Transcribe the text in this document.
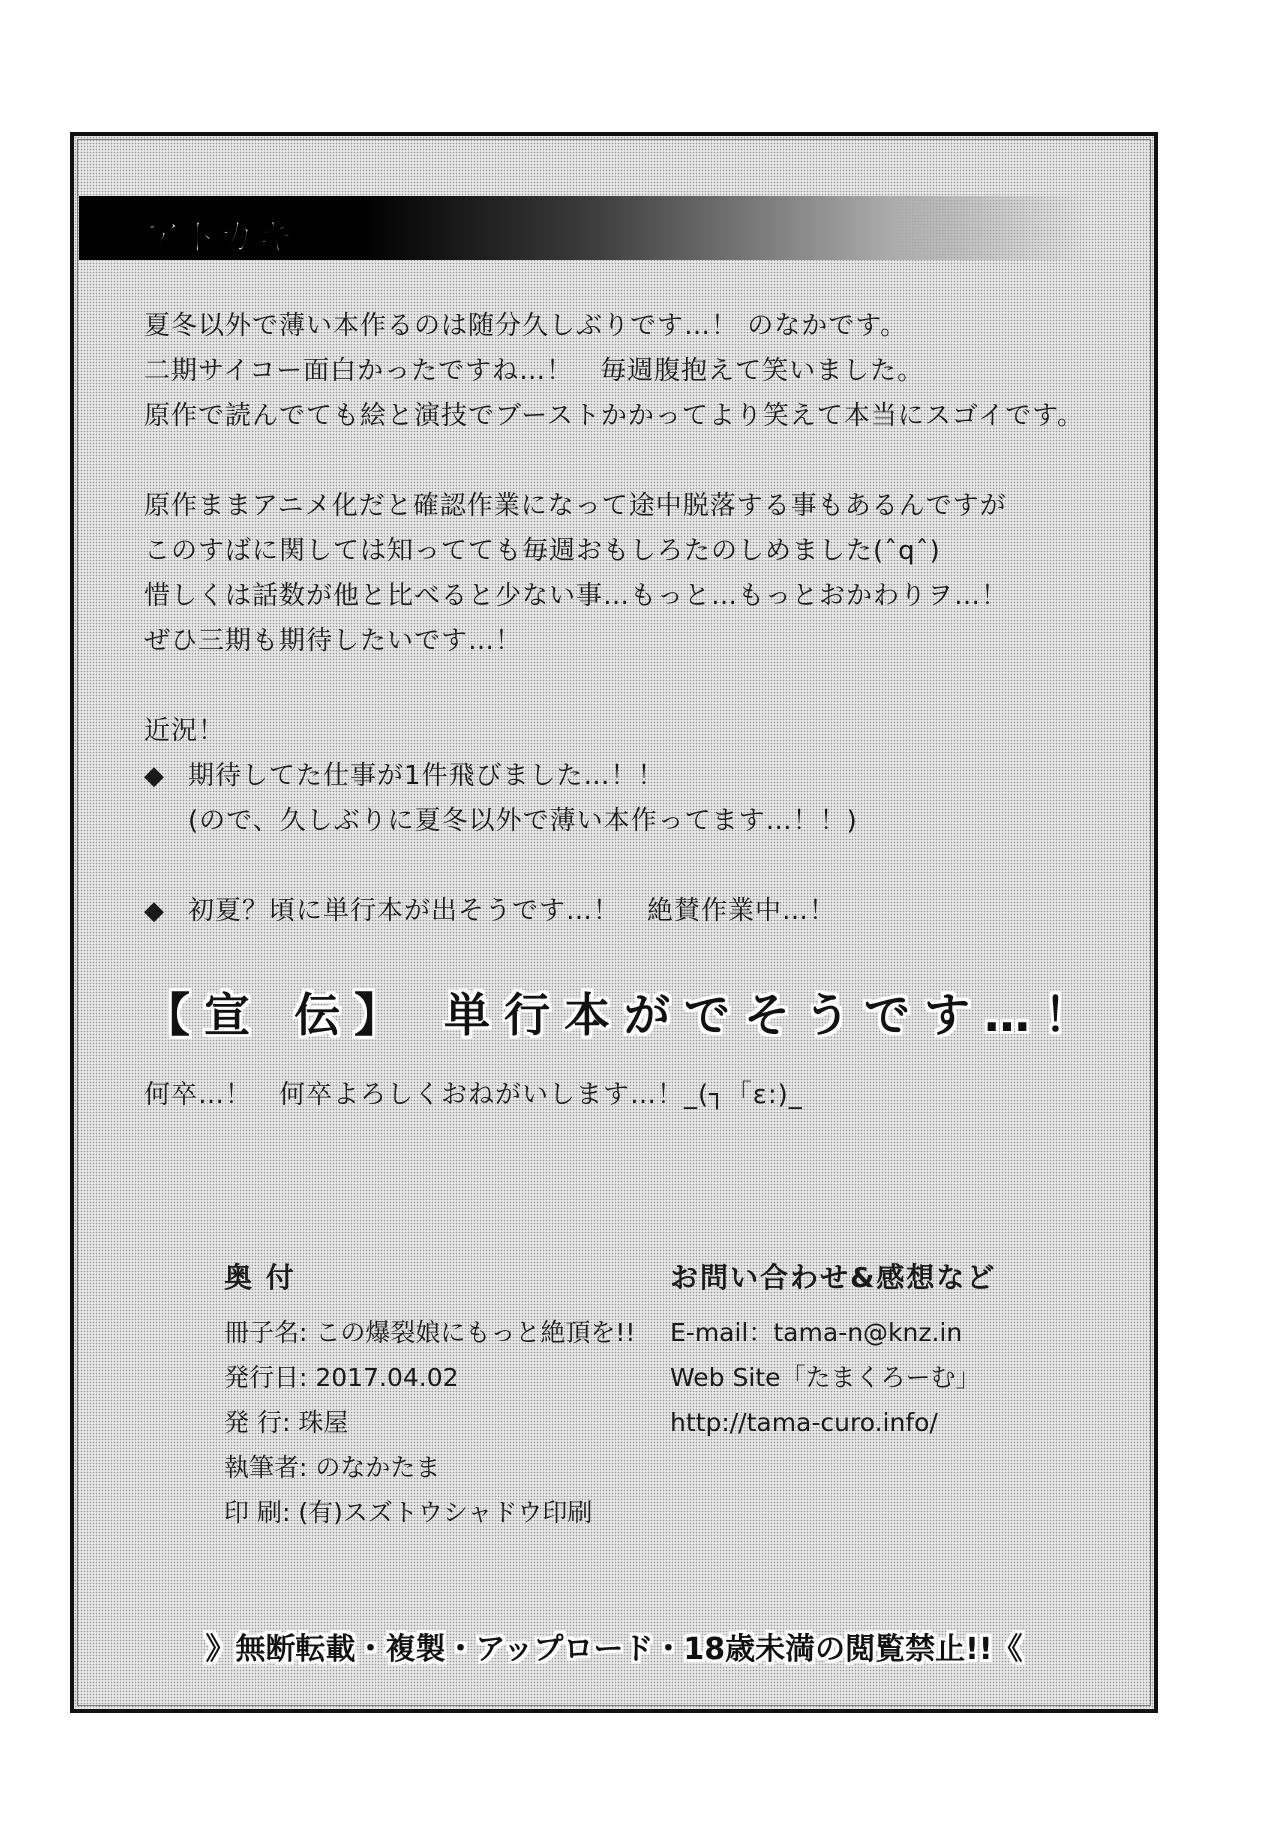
アトガキ
夏冬以外で薄い本作るのは随分久しぶりです…！ のなかです。
二期サイコー面白かったですね…！　毎週腹抱えて笑いました。
原作で読んでても絵と演技でブーストかかってより笑えて本当にスゴイです。
原作ままアニメ化だと確認作業になって途中脱落する事もあるんですが
このすばに関しては知ってても毎週おもしろたのしめました(ˆqˆ)
惜しくは話数が他と比べると少ない事…もっと…もっとおかわりヲ…！
ぜひ三期も期待したいです…！
近況！
◆ 期待してた仕事が1件飛びました…！！
(ので、久しぶりに夏冬以外で薄い本作ってます…！！)
◆ 初夏？頃に単行本が出そうです…！　絶賛作業中…！
【宣 伝】 単行本がでそうです…！
何卒…！　何卒よろしくおねがいします…！_(┐「ε:)_
奥 付
冊子名: この爆裂娘にもっと絶頂を!!
発行日: 2017.04.02
発 行: 珠屋
執筆者: のなかたま
印 刷: (有)スズトウシャドウ印刷
お問い合わせ&感想など
E-mail：tama-n@knz.in
Web Site「たまくろーむ」
http://tama-curo.info/
》無断転載・複製・アップロード・18歳未満の閲覧禁止!!《
